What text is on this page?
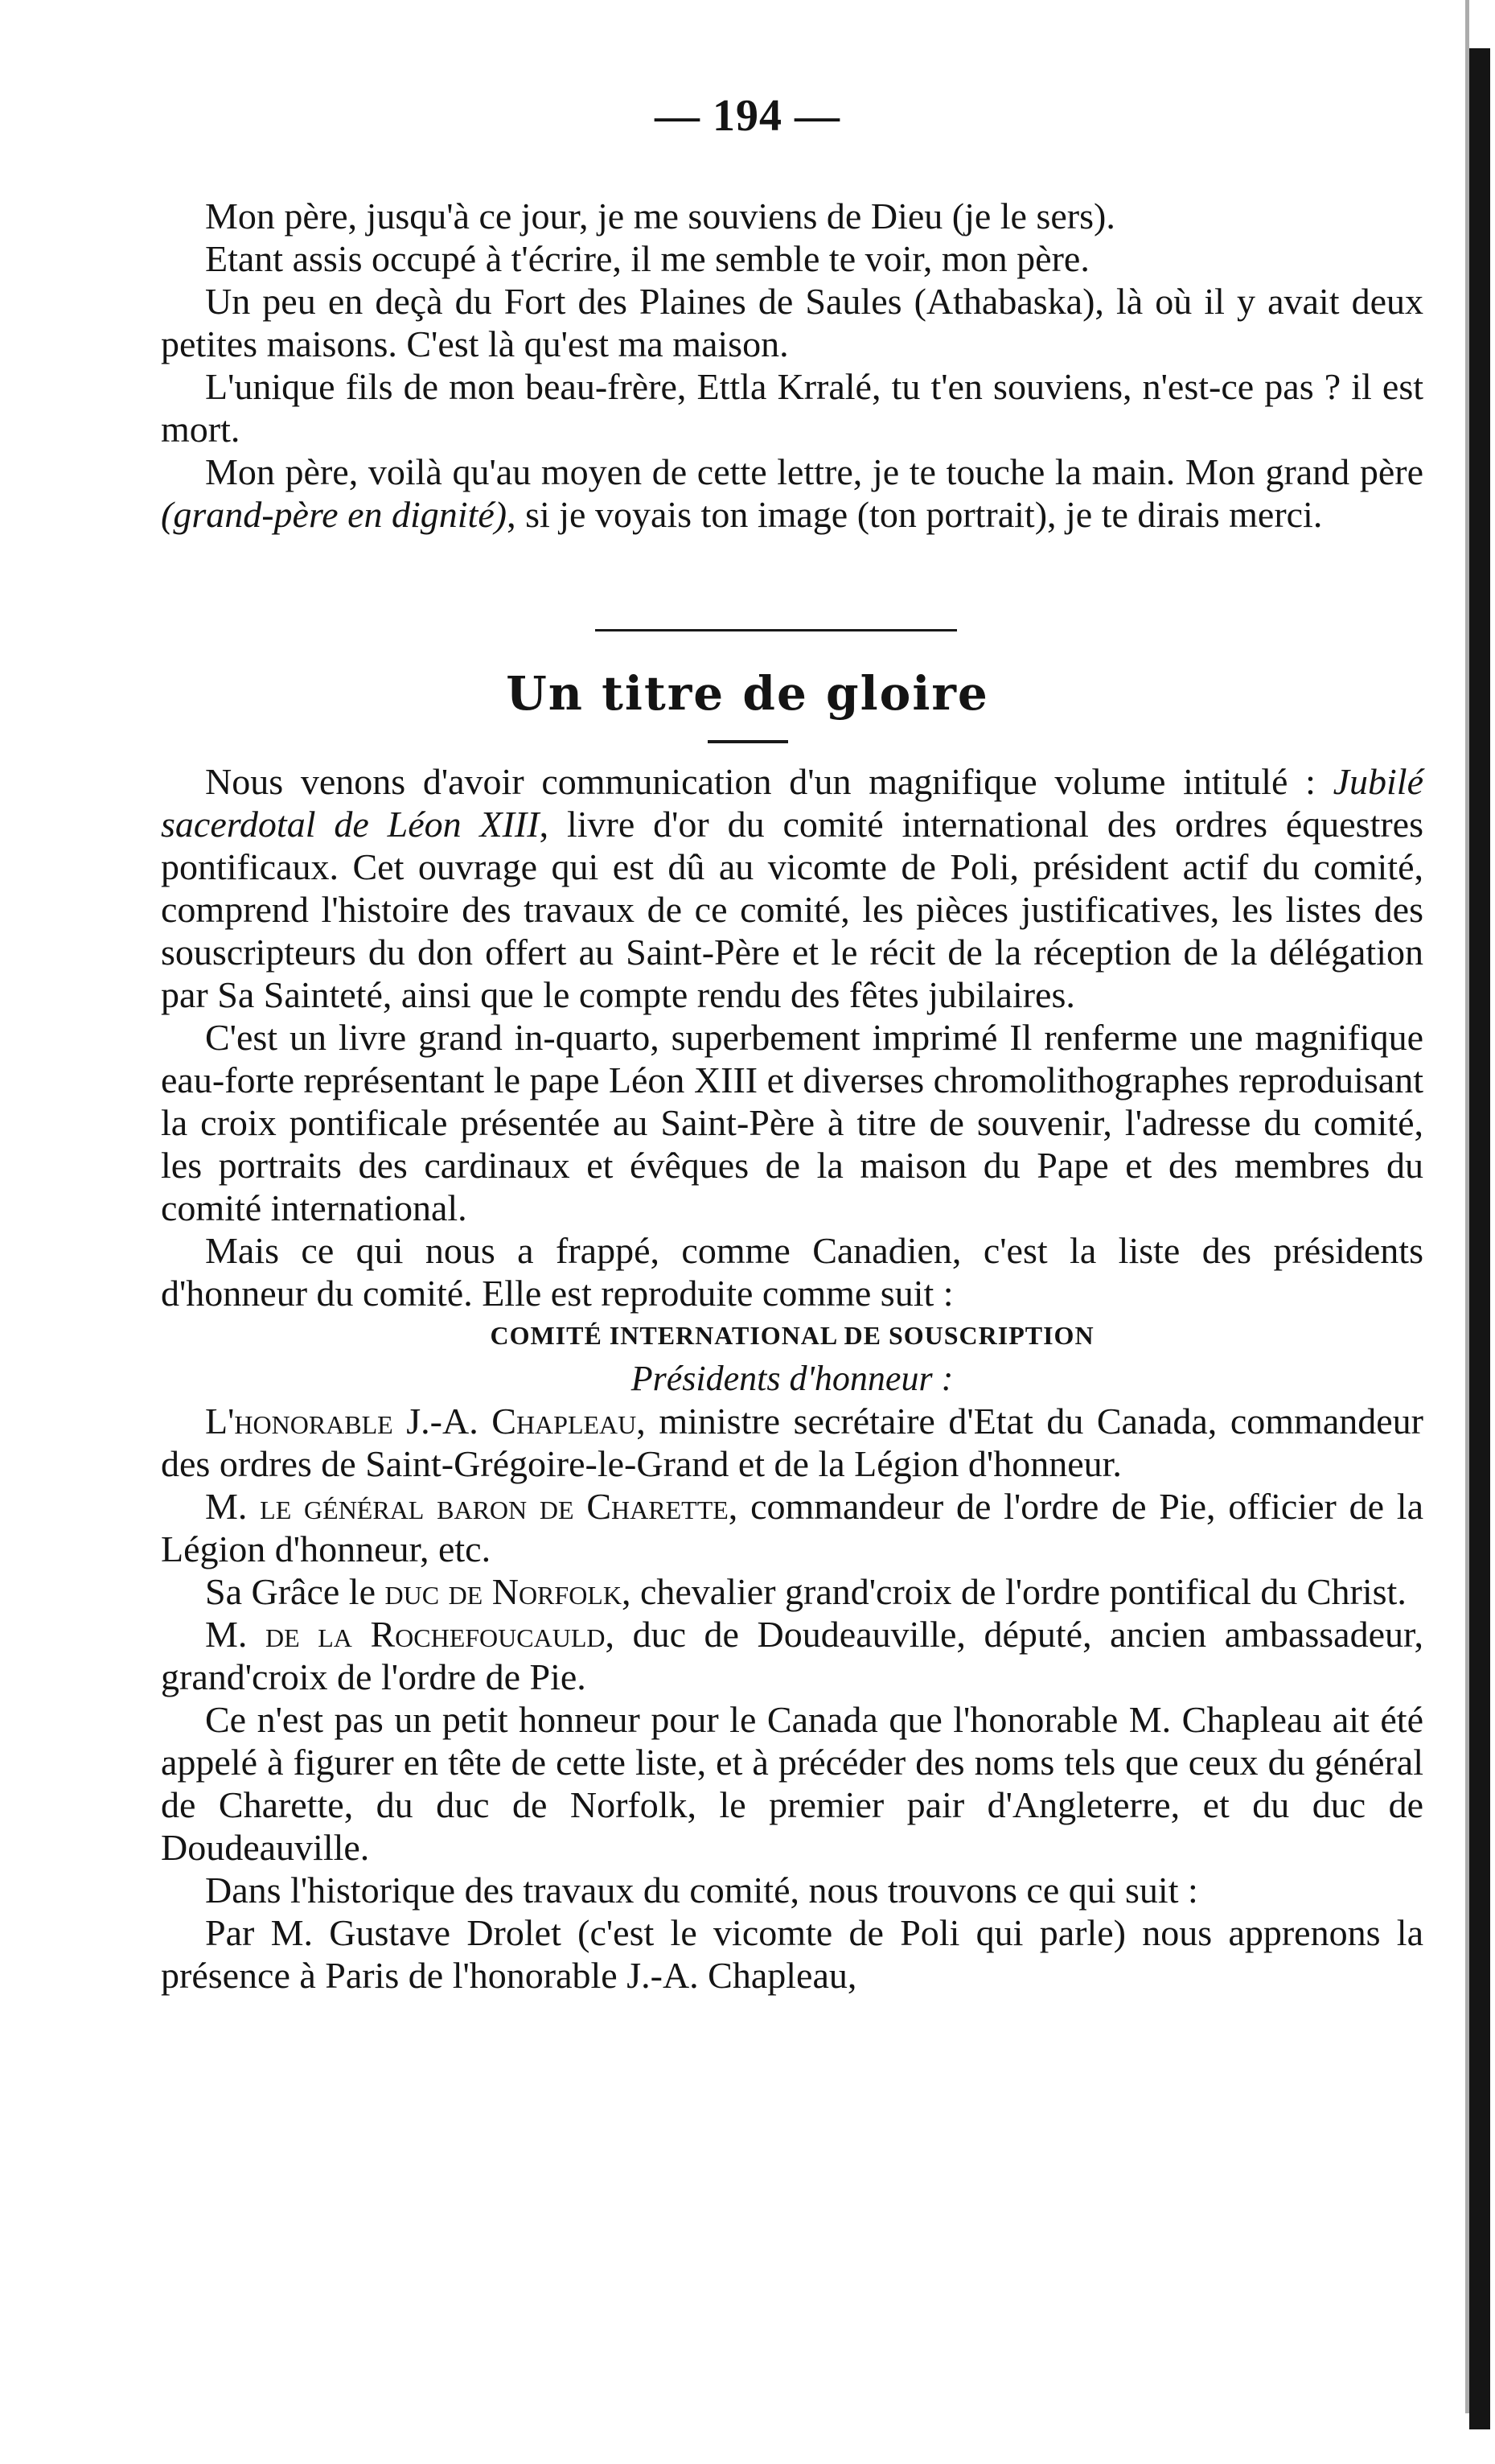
— 194 —

Mon père, jusqu'à ce jour, je me souviens de Dieu (je le sers).

Etant assis occupé à t'écrire, il me semble te voir, mon père.

Un peu en deçà du Fort des Plaines de Saules (Athabaska), là où il y avait deux petites maisons. C'est là qu'est ma maison.

L'unique fils de mon beau-frère, Ettla Krralé, tu t'en souviens, n'est-ce pas ? il est mort.

Mon père, voilà qu'au moyen de cette lettre, je te touche la main. Mon grand père (grand-père en dignité), si je voyais ton image (ton portrait), je te dirais merci.

Un titre de gloire

Nous venons d'avoir communication d'un magnifique volume intitulé : Jubilé sacerdotal de Léon XIII, livre d'or du comité international des ordres équestres pontificaux. Cet ouvrage qui est dû au vicomte de Poli, président actif du comité, comprend l'histoire des travaux de ce comité, les pièces justificatives, les listes des souscripteurs du don offert au Saint-Père et le récit de la réception de la délégation par Sa Sainteté, ainsi que le compte rendu des fêtes jubilaires.

C'est un livre grand in-quarto, superbement imprimé Il renferme une magnifique eau-forte représentant le pape Léon XIII et diverses chromolithographes reproduisant la croix pontificale présentée au Saint-Père à titre de souvenir, l'adresse du comité, les portraits des cardinaux et évêques de la maison du Pape et des membres du comité international.

Mais ce qui nous a frappé, comme Canadien, c'est la liste des présidents d'honneur du comité. Elle est reproduite comme suit :

COMITÉ INTERNATIONAL DE SOUSCRIPTION

Présidents d'honneur :

L'honorable J.-A. Chapleau, ministre secrétaire d'Etat du Canada, commandeur des ordres de Saint-Grégoire-le-Grand et de la Légion d'honneur.

M. le général baron de Charette, commandeur de l'ordre de Pie, officier de la Légion d'honneur, etc.

Sa Grâce le duc de Norfolk, chevalier grand'croix de l'ordre pontifical du Christ.

M. de la Rochefoucauld, duc de Doudeauville, député, ancien ambassadeur, grand'croix de l'ordre de Pie.

Ce n'est pas un petit honneur pour le Canada que l'honorable M. Chapleau ait été appelé à figurer en tête de cette liste, et à précéder des noms tels que ceux du général de Charette, du duc de Norfolk, le premier pair d'Angleterre, et du duc de Doudeauville.

Dans l'historique des travaux du comité, nous trouvons ce qui suit :

Par M. Gustave Drolet (c'est le vicomte de Poli qui parle) nous apprenons la présence à Paris de l'honorable J.-A. Chapleau,
